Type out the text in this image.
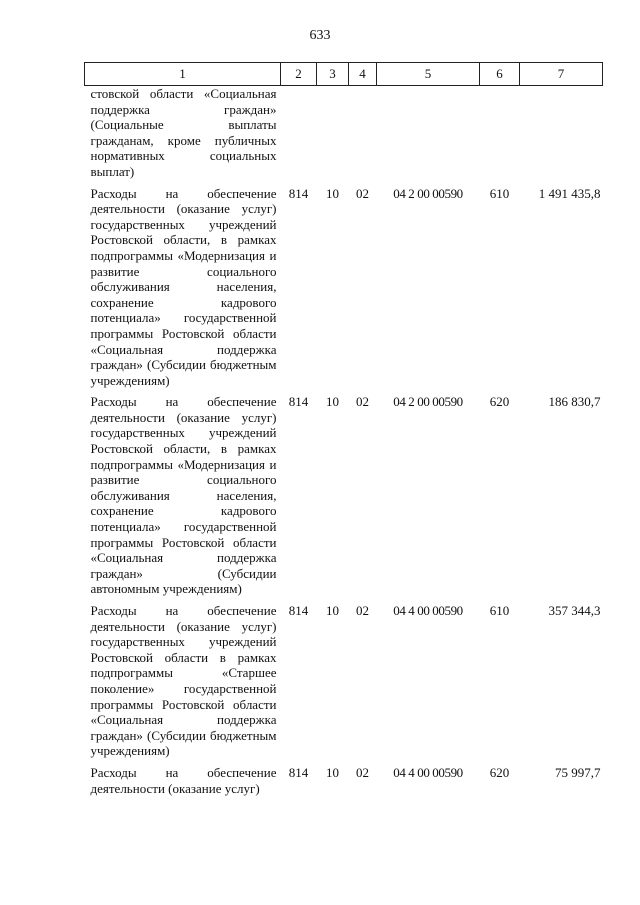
633
1	2	3	4	5	6	7
стовской области «Социальная поддержка граждан» (Социальные выплаты гражданам, кроме публичных нормативных социальных выплат)						

Расходы на обеспечение деятельности (оказание услуг) государственных учреждений Ростовской области, в рамках подпрограммы «Модернизация и развитие социального обслуживания населения, сохранение кадрового потенциала» государственной программы Ростовской области «Социальная поддержка граждан» (Субсидии бюджетным учреждениям)	814	10	02	04 2 00 00590	610	1 491 435,8

Расходы на обеспечение деятельности (оказание услуг) государственных учреждений Ростовской области, в рамках подпрограммы «Модернизация и развитие социального обслуживания населения, сохранение кадрового потенциала» государственной программы Ростовской области «Социальная поддержка граждан» (Субсидии автономным учреждениям)	814	10	02	04 2 00 00590	620	186 830,7

Расходы на обеспечение деятельности (оказание услуг) государственных учреждений Ростовской области в рамках подпрограммы «Старшее поколение» государственной программы Ростовской области «Социальная поддержка граждан» (Субсидии бюджетным учреждениям)	814	10	02	04 4 00 00590	610	357 344,3

Расходы на обеспечение деятельности (оказание услуг)	814	10	02	04 4 00 00590	620	75 997,7
